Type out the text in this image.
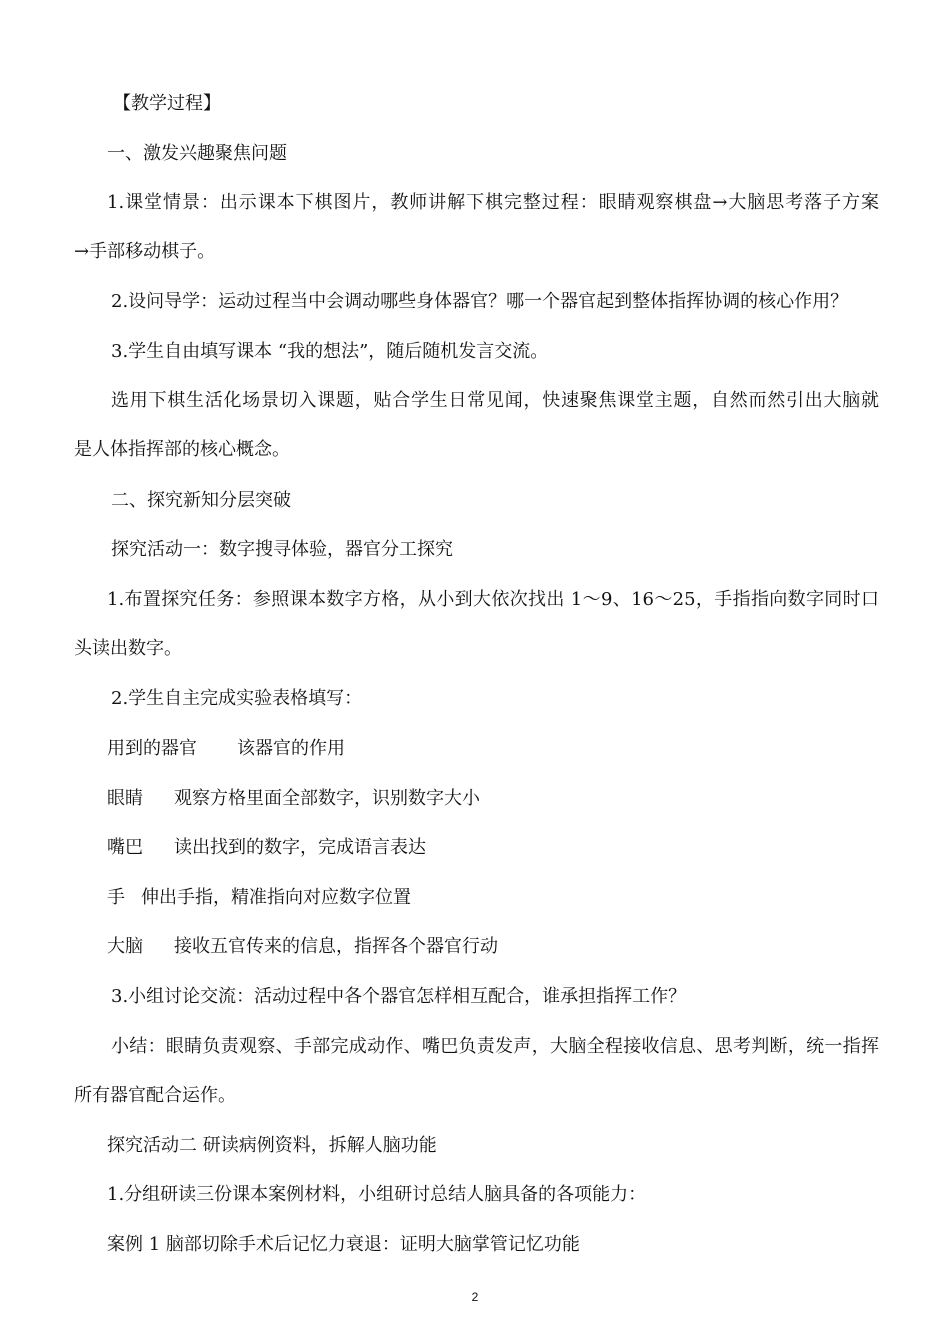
【教学过程】
一、激发兴趣聚焦问题
1.课堂情景：出示课本下棋图片，教师讲解下棋完整过程：眼睛观察棋盘→大脑思考落子方案
→手部移动棋子。
2.设问导学：运动过程当中会调动哪些身体器官？哪一个器官起到整体指挥协调的核心作用？
3.学生自由填写课本 “我的想法”，随后随机发言交流。
选用下棋生活化场景切入课题，贴合学生日常见闻，快速聚焦课堂主题，自然而然引出大脑就
是人体指挥部的核心概念。
二、探究新知分层突破
探究活动一：数字搜寻体验，器官分工探究
1.布置探究任务：参照课本数字方格，从小到大依次找出 1～9、16～25，手指指向数字同时口
头读出数字。
2.学生自主完成实验表格填写：
用到的器官 该器官的作用
眼睛 观察方格里面全部数字，识别数字大小
嘴巴 读出找到的数字，完成语言表达
手 伸出手指，精准指向对应数字位置
大脑 接收五官传来的信息，指挥各个器官行动
3.小组讨论交流：活动过程中各个器官怎样相互配合，谁承担指挥工作？
小结：眼睛负责观察、手部完成动作、嘴巴负责发声，大脑全程接收信息、思考判断，统一指挥
所有器官配合运作。
探究活动二 研读病例资料，拆解人脑功能
1.分组研读三份课本案例材料，小组研讨总结人脑具备的各项能力：
案例 1 脑部切除手术后记忆力衰退：证明大脑掌管记忆功能
2
